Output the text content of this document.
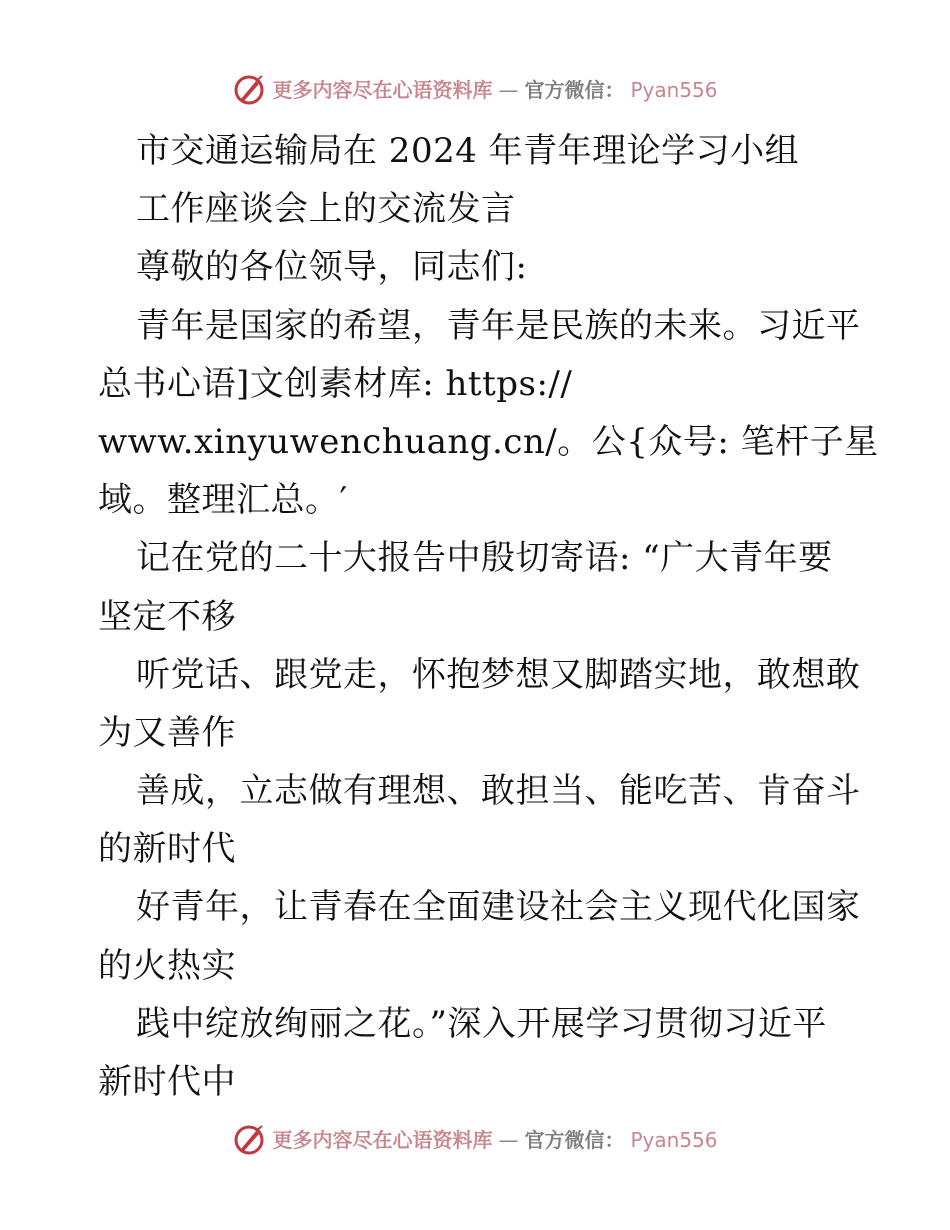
更多内容尽在心语资料库 — 官方微信： Pyan556
市交通运输局在 2024 年青年理论学习小组
工作座谈会上的交流发言
尊敬的各位领导，同志们:
青年是国家的希望，青年是民族的未来。习近平
总书心语]文创素材库: https://
www.xinyuwenchuang.cn/。公{众号: 笔杆子星
域。整理汇总。′
记在党的二十大报告中殷切寄语: “广大青年要
坚定不移
听党话、跟党走，怀抱梦想又脚踏实地，敢想敢
为又善作
善成，立志做有理想、敢担当、能吃苦、肯奋斗
的新时代
好青年，让青春在全面建设社会主义现代化国家
的火热实
践中绽放绚丽之花。”深入开展学习贯彻习近平
新时代中
更多内容尽在心语资料库 — 官方微信： Pyan556
